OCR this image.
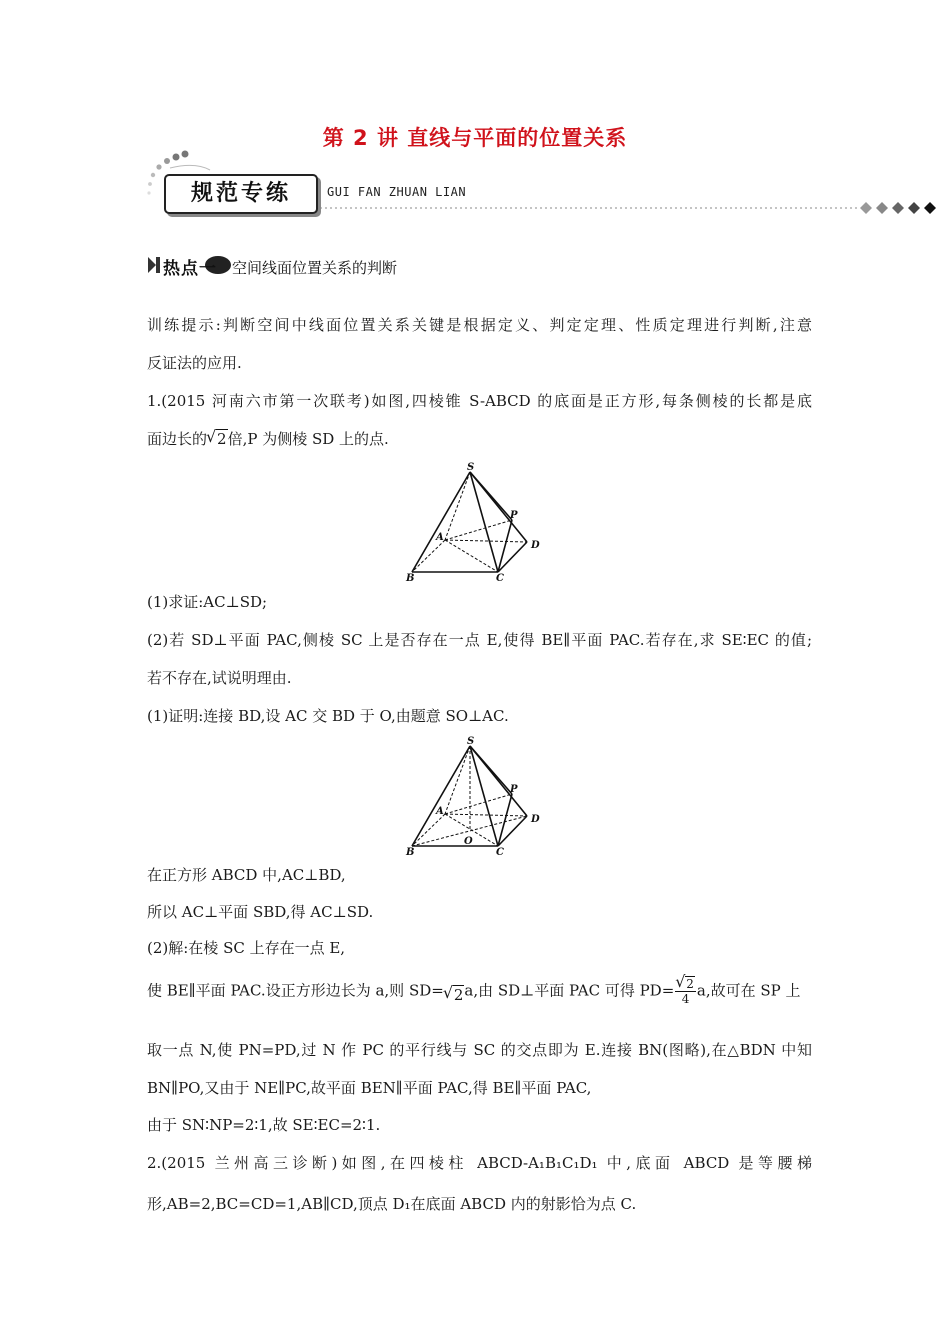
第 2 讲 直线与平面的位置关系
规范专练	GUI FAN ZHUAN LIAN
热点一 空间线面位置关系的判断
训练提示:判断空间中线面位置关系关键是根据定义、判定定理、性质定理进行判断,注意
反证法的应用.
1.(2015 河南六市第一次联考)如图,四棱锥 S-ABCD 的底面是正方形,每条侧棱的长都是底
面边长的 √ 2倍,P 为侧棱 SD 上的点.
S
P
A
D
B	C
(1)求证:AC⊥SD;
(2)若 SD⊥平面 PAC,侧棱 SC 上是否存在一点 E,使得 BE∥平面 PAC.若存在,求 SE∶EC 的值;
若不存在,试说明理由.
(1)证明:连接 BD,设 AC 交 BD 于 O,由题意 SO⊥AC.
S
P
A
D
B	C
O
在正方形 ABCD 中,AC⊥BD,
所以 AC⊥平面 SBD,得 AC⊥SD.
(2)解:在棱 SC 上存在一点 E,
使 BE∥平面 PAC.设正方形边长为 a,则 SD= √ 2a,由 SD⊥平面 PAC 可得 PD= √ $\frac{2}{4} a$,故可在 SP 上
取一点 N,使 PN=PD,过 N 作 PC 的平行线与 SC 的交点即为 E.连接 BN(图略),在△BDN 中知
BN∥PO,又由于 NE∥PC,故平面 BEN∥平面 PAC,得 BE∥平面 PAC,
由于 SN∶NP=2∶1,故 SE∶EC=2∶1.
2.(2015 兰州高三诊断)如图,在四棱柱 ABCD-A₁B₁C₁D₁ 中,底面 ABCD 是等腰梯
形,AB=2,BC=CD=1,AB∥CD,顶点 D₁在底面 ABCD 内的射影恰为点 C.
